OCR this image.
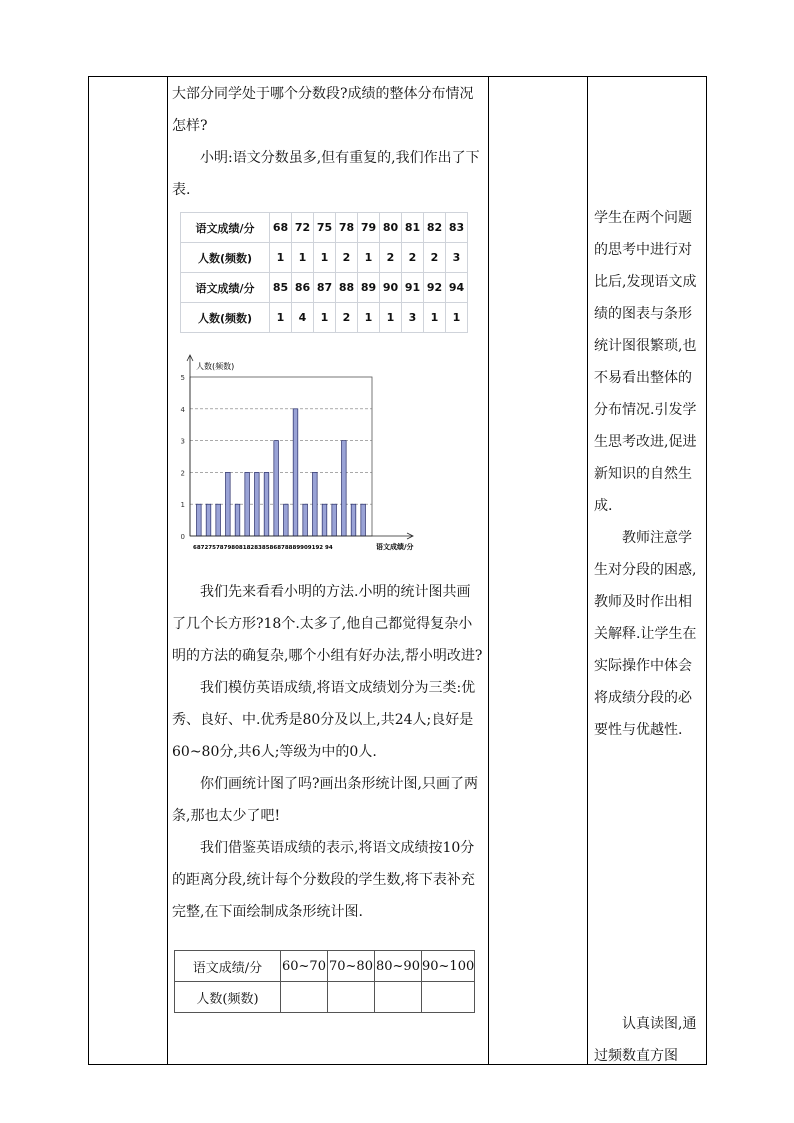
大部分同学处于哪个分数段?成绩的整体分布情况怎样?

小明:语文分数虽多,但有重复的,我们作出了下表.

语文成绩/分	68	72	75	78	79	80	81	82	83
人数(频数)	1	1	1	2	1	2	2	2	3
语文成绩/分	85	86	87	88	89	90	91	92	94
人数(频数)	1	4	1	2	1	1	3	1	1
0
1
2
3
4
5
人数(频数)
语文成绩/分
6872757879808182838586878889909192 94

我们先来看看小明的方法.小明的统计图共画了几个长方形?18个.太多了,他自己都觉得复杂小明的方法的确复杂,哪个小组有好办法,帮小明改进?

我们模仿英语成绩,将语文成绩划分为三类:优秀、良好、中.优秀是80分及以上,共24人;良好是60~80分,共6人;等级为中的0人.

你们画统计图了吗?画出条形统计图,只画了两条,那也太少了吧!

我们借鉴英语成绩的表示,将语文成绩按10分的距离分段,统计每个分数段的学生数,将下表补充完整,在下面绘制成条形统计图.

语文成绩/分	60~70	70~80	80~90	90~100
人数(频数)				

学生在两个问题的思考中进行对比后,发现语文成绩的图表与条形统计图很繁琐,也不易看出整体的分布情况.引发学生思考改进,促进新知识的自然生成.

教师注意学生对分段的困惑,教师及时作出相关解释.让学生在实际操作中体会将成绩分段的必要性与优越性.

认真读图,通过频数直方图
